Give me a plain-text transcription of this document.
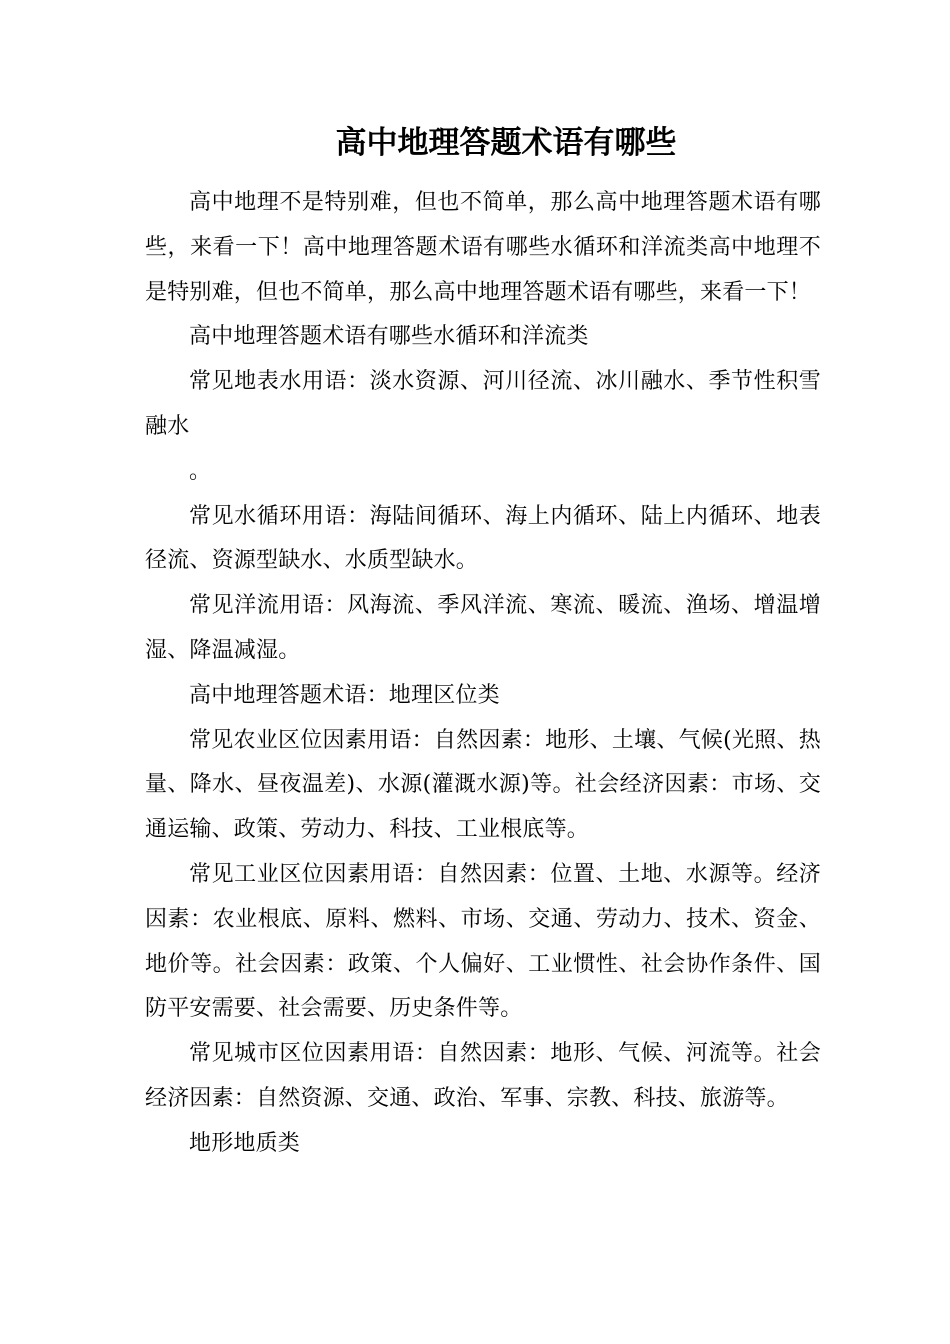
高中地理答题术语有哪些

高中地理不是特别难，但也不简单，那么高中地理答题术语有哪些，来看一下！高中地理答题术语有哪些水循环和洋流类高中地理不是特别难，但也不简单，那么高中地理答题术语有哪些，来看一下！

高中地理答题术语有哪些水循环和洋流类

常见地表水用语：淡水资源、河川径流、冰川融水、季节性积雪融水

。

常见水循环用语：海陆间循环、海上内循环、陆上内循环、地表径流、资源型缺水、水质型缺水。

常见洋流用语：风海流、季风洋流、寒流、暖流、渔场、增温增湿、降温减湿。

高中地理答题术语：地理区位类

常见农业区位因素用语：自然因素：地形、土壤、气候(光照、热量、降水、昼夜温差)、水源(灌溉水源)等。社会经济因素：市场、交通运输、政策、劳动力、科技、工业根底等。

常见工业区位因素用语：自然因素：位置、土地、水源等。经济因素：农业根底、原料、燃料、市场、交通、劳动力、技术、资金、地价等。社会因素：政策、个人偏好、工业惯性、社会协作条件、国防平安需要、社会需要、历史条件等。

常见城市区位因素用语：自然因素：地形、气候、河流等。社会经济因素：自然资源、交通、政治、军事、宗教、科技、旅游等。

地形地质类
